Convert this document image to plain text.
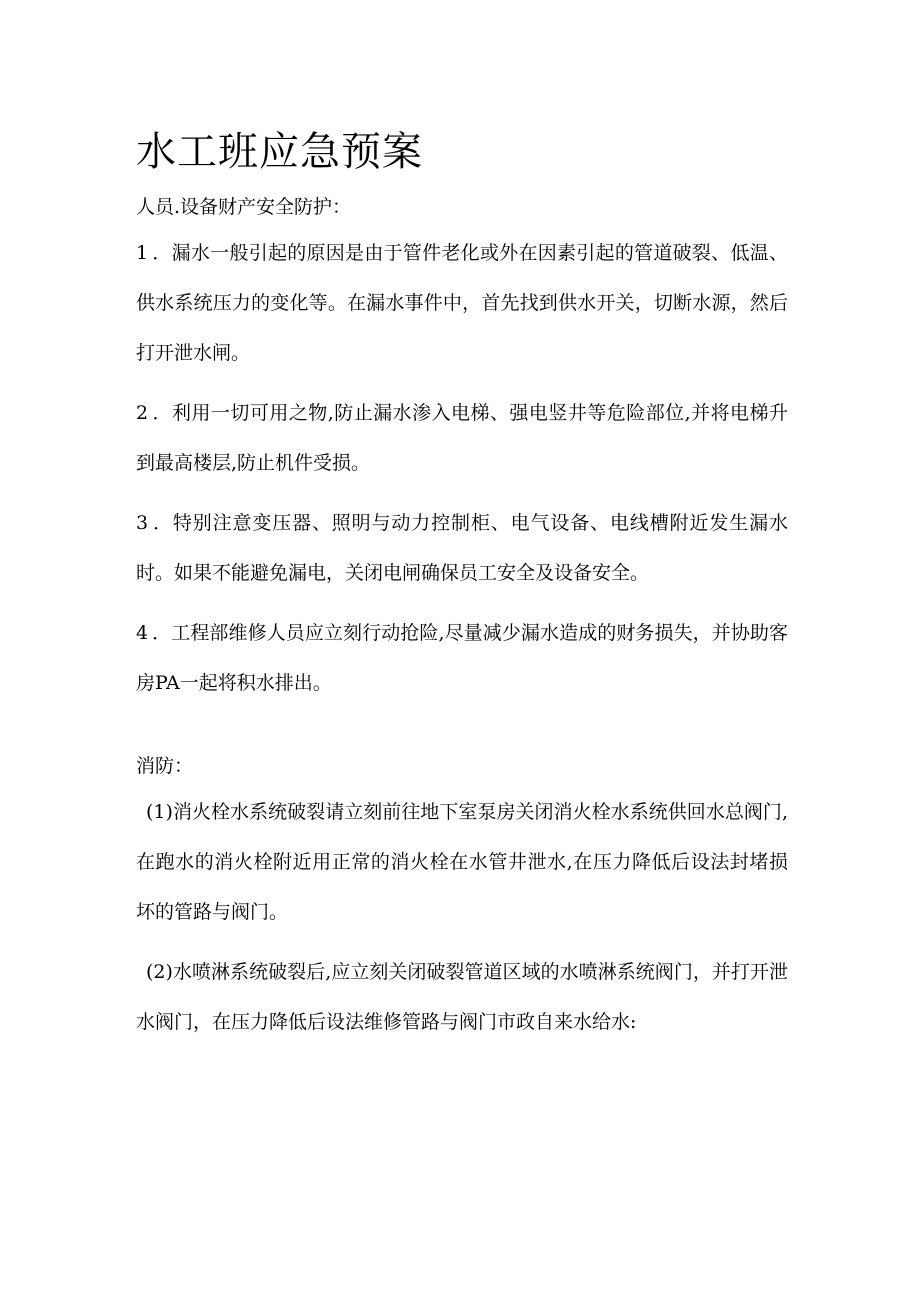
水工班应急预案

人员.设备财产安全防护：

1．漏水一般引起的原因是由于管件老化或外在因素引起的管道破裂、低温、供水系统压力的变化等。在漏水事件中，首先找到供水开关，切断水源，然后打开泄水闸。

2．利用一切可用之物,防止漏水渗入电梯、强电竖井等危险部位,并将电梯升到最高楼层,防止机件受损。

3．特别注意变压器、照明与动力控制柜、电气设备、电线槽附近发生漏水时。如果不能避免漏电，关闭电闸确保员工安全及设备安全。

4．工程部维修人员应立刻行动抢险,尽量减少漏水造成的财务损失，并协助客房PA一起将积水排出。

消防：

(1)消火栓水系统破裂请立刻前往地下室泵房关闭消火栓水系统供回水总阀门,在跑水的消火栓附近用正常的消火栓在水管井泄水,在压力降低后设法封堵损坏的管路与阀门。

(2)水喷淋系统破裂后,应立刻关闭破裂管道区域的水喷淋系统阀门，并打开泄水阀门，在压力降低后设法维修管路与阀门市政自来水给水:
